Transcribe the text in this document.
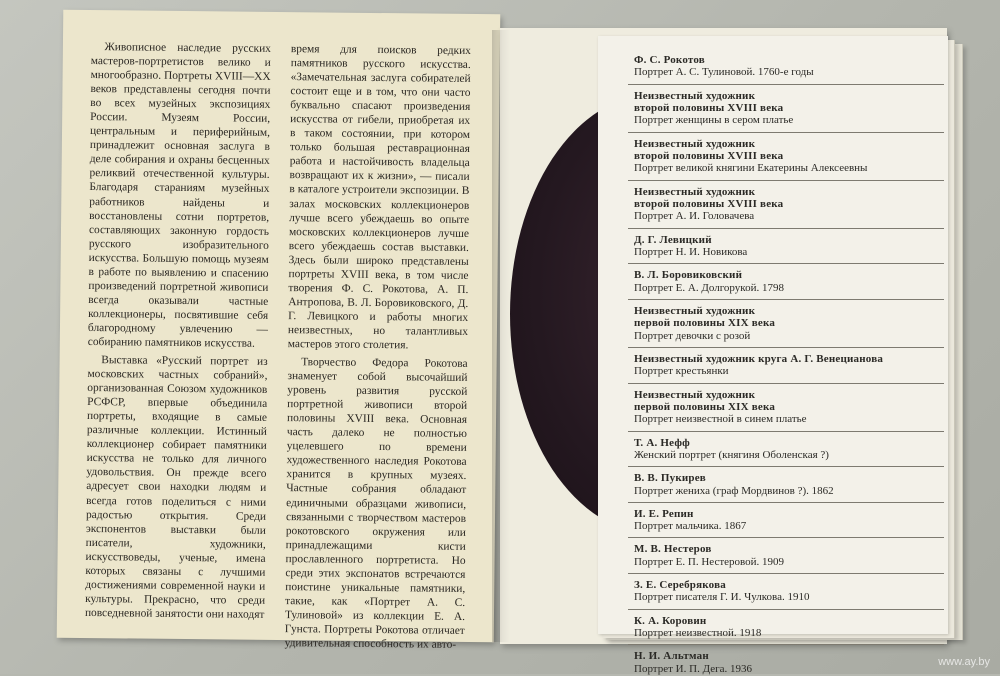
Живописное наследие русских мастеров-портретистов велико и многообразно. Портреты XVIII—XX веков представлены сегодня почти во всех музейных экспозициях России. Музеям России, центральным и периферийным, принадлежит основная заслуга в деле собирания и охраны бесценных реликвий отечественной культуры. Благодаря стараниям музейных работников найдены и восстановлены сотни портретов, составляющих законную гордость русского изобразительного искусства. Большую помощь музеям в работе по выявлению и спасению произведений портретной живописи всегда оказывали частные коллекционеры, посвятившие себя благородному увлечению — собиранию памятников искусства.

Выставка «Русский портрет из московских частных собраний», организованная Союзом художников РСФСР, впервые объединила портреты, входящие в самые различные коллекции. Истинный коллекционер собирает памятники искусства не только для личного удовольствия. Он прежде всего адресует свои находки людям и всегда готов поделиться с ними радостью открытия. Среди экспонентов выставки были писатели, художники, искусствоведы, ученые, имена которых связаны с лучшими достижениями современной науки и культуры. Прекрасно, что среди повседневной занятости они находят

время для поисков редких памятников русского искусства. «Замечательная заслуга собирателей состоит еще и в том, что они часто буквально спасают произведения искусства от гибели, приобретая их в таком состоянии, при котором только большая реставрационная работа и настойчивость владельца возвращают их к жизни», — писали в каталоге устроители экспозиции. В залах московских коллекционеров лучше всего убеждаешь во опыте московских коллекционеров лучше всего убеждаешь состав выставки. Здесь были широко представлены портреты XVIII века, в том числе творения Ф. С. Рокотова, А. П. Антропова, В. Л. Боровиковского, Д. Г. Левицкого и работы многих неизвестных, но талантливых мастеров этого столетия.

Творчество Федора Рокотова знаменует собой высочайший уровень развития русской портретной живописи второй половины XVIII века. Основная часть далеко не полностью уцелевшего по времени художественного наследия Рокотова хранится в крупных музеях. Частные собрания обладают единичными образцами живописи, связанными с творчеством мастеров рокотовского окружения или принадлежащими кисти прославленного портретиста. Но среди этих экспонатов встречаются поистине уникальные памятники, такие, как «Портрет А. С. Тулиновой» из коллекции Е. А. Гунста. Портреты Рокотова отличает удивительная способность их авто-

Ф. С. Рокотов
Портрет А. С. Тулиновой. 1760-е годы
Неизвестный художник
второй половины XVIII века
Портрет женщины в сером платье
Неизвестный художник
второй половины XVIII века
Портрет великой княгини Екатерины Алексеевны
Неизвестный художник
второй половины XVIII века
Портрет А. И. Головачева
Д. Г. Левицкий
Портрет Н. И. Новикова
В. Л. Боровиковский
Портрет Е. А. Долгорукой. 1798
Неизвестный художник
первой половины XIX века
Портрет девочки с розой
Неизвестный художник круга А. Г. Венецианова
Портрет крестьянки
Неизвестный художник
первой половины XIX века
Портрет неизвестной в синем платье
Т. А. Нефф
Женский портрет (княгиня Оболенская ?)
В. В. Пукирев
Портрет жениха (граф Мордвинов ?). 1862
И. Е. Репин
Портрет мальчика. 1867
М. В. Нестеров
Портрет Е. П. Нестеровой. 1909
З. Е. Серебрякова
Портрет писателя Г. И. Чулкова. 1910
К. А. Коровин
Портрет неизвестной. 1918
Н. И. Альтман
Портрет И. П. Дега. 1936
www.ay.by
